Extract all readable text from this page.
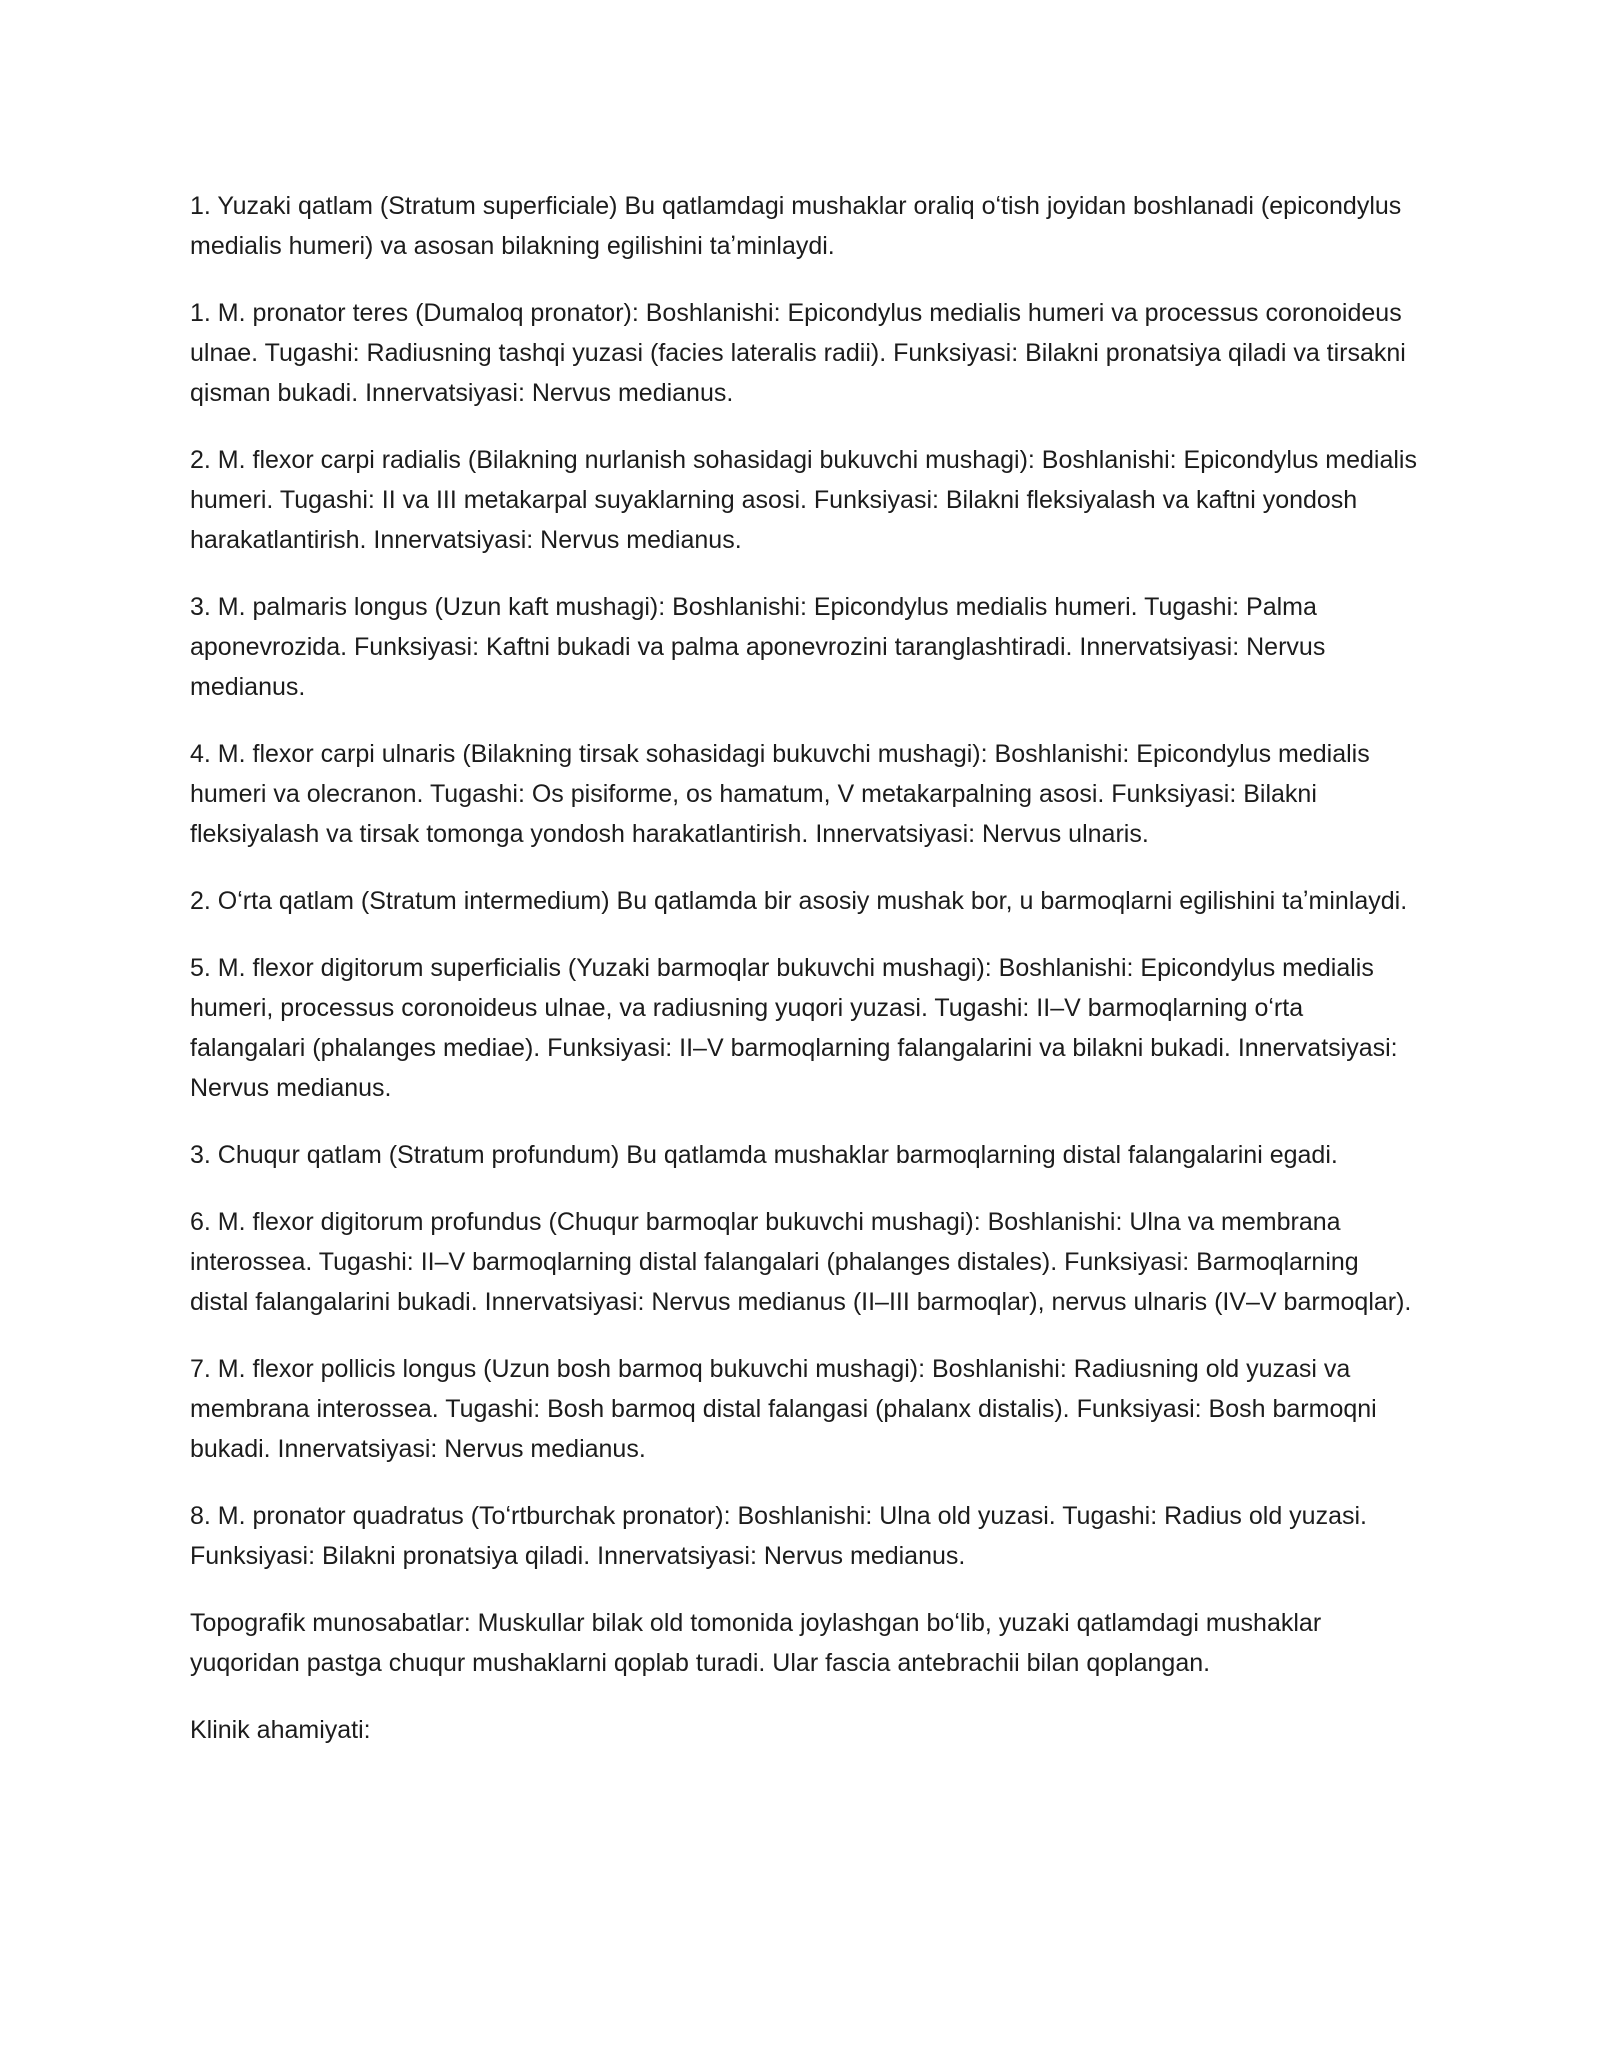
1. Yuzaki qatlam (Stratum superficiale) Bu qatlamdagi mushaklar oraliq oʻtish joyidan boshlanadi (epicondylus medialis humeri) va asosan bilakning egilishini taʼminlaydi.

1. M. pronator teres (Dumaloq pronator): Boshlanishi: Epicondylus medialis humeri va processus coronoideus ulnae. Tugashi: Radiusning tashqi yuzasi (facies lateralis radii). Funksiyasi: Bilakni pronatsiya qiladi va tirsakni qisman bukadi. Innervatsiyasi: Nervus medianus.

2. M. flexor carpi radialis (Bilakning nurlanish sohasidagi bukuvchi mushagi): Boshlanishi: Epicondylus medialis humeri. Tugashi: II va III metakarpal suyaklarning asosi. Funksiyasi: Bilakni fleksiyalash va kaftni yondosh harakatlantirish. Innervatsiyasi: Nervus medianus.

3. M. palmaris longus (Uzun kaft mushagi): Boshlanishi: Epicondylus medialis humeri. Tugashi: Palma aponevrozida. Funksiyasi: Kaftni bukadi va palma aponevrozini taranglashtiradi. Innervatsiyasi: Nervus medianus.

4. M. flexor carpi ulnaris (Bilakning tirsak sohasidagi bukuvchi mushagi): Boshlanishi: Epicondylus medialis humeri va olecranon. Tugashi: Os pisiforme, os hamatum, V metakarpalning asosi. Funksiyasi: Bilakni fleksiyalash va tirsak tomonga yondosh harakatlantirish. Innervatsiyasi: Nervus ulnaris.

2. Oʻrta qatlam (Stratum intermedium) Bu qatlamda bir asosiy mushak bor, u barmoqlarni egilishini taʼminlaydi.

5. M. flexor digitorum superficialis (Yuzaki barmoqlar bukuvchi mushagi): Boshlanishi: Epicondylus medialis humeri, processus coronoideus ulnae, va radiusning yuqori yuzasi. Tugashi: II–V barmoqlarning oʻrta falangalari (phalanges mediae). Funksiyasi: II–V barmoqlarning falangalarini va bilakni bukadi. Innervatsiyasi: Nervus medianus.

3. Chuqur qatlam (Stratum profundum) Bu qatlamda mushaklar barmoqlarning distal falangalarini egadi.

6. M. flexor digitorum profundus (Chuqur barmoqlar bukuvchi mushagi): Boshlanishi: Ulna va membrana interossea. Tugashi: II–V barmoqlarning distal falangalari (phalanges distales). Funksiyasi: Barmoqlarning distal falangalarini bukadi. Innervatsiyasi: Nervus medianus (II–III barmoqlar), nervus ulnaris (IV–V barmoqlar).

7. M. flexor pollicis longus (Uzun bosh barmoq bukuvchi mushagi): Boshlanishi: Radiusning old yuzasi va membrana interossea. Tugashi: Bosh barmoq distal falangasi (phalanx distalis). Funksiyasi: Bosh barmoqni bukadi. Innervatsiyasi: Nervus medianus.

8. M. pronator quadratus (Toʻrtburchak pronator): Boshlanishi: Ulna old yuzasi. Tugashi: Radius old yuzasi. Funksiyasi: Bilakni pronatsiya qiladi. Innervatsiyasi: Nervus medianus.

Topografik munosabatlar: Muskullar bilak old tomonida joylashgan boʻlib, yuzaki qatlamdagi mushaklar yuqoridan pastga chuqur mushaklarni qoplab turadi. Ular fascia antebrachii bilan qoplangan.

Klinik ahamiyati:
